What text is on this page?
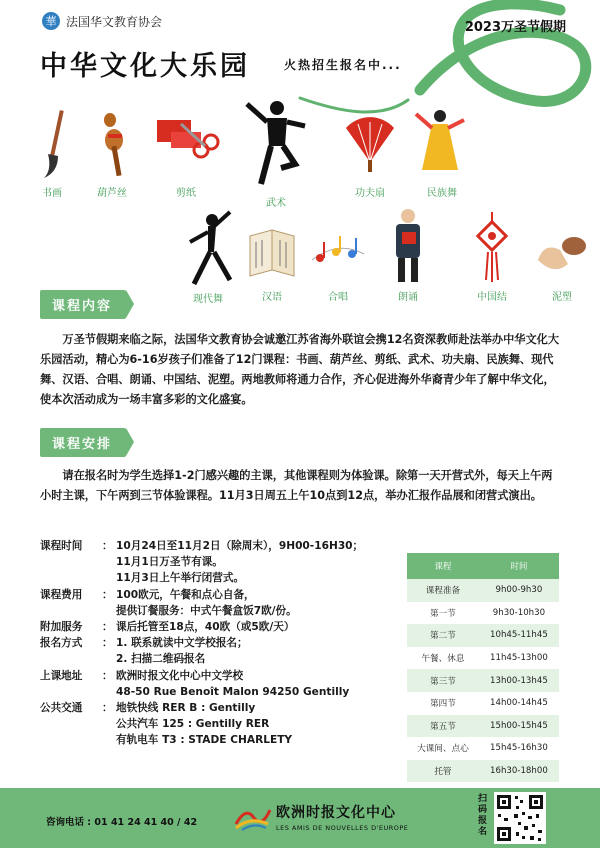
華 法国华文教育协会	2023万圣节假期
中华文化大乐园	火热招生报名中...
书画	葫芦丝	剪纸
武术
功夫扇	民族舞
现代舞	汉语	合唱	朗诵	中国结	泥塑
课程内容
万圣节假期来临之际，法国华文教育协会诚邀江苏省海外联谊会携12名资深教师赴法举办中华文化大乐园活动，精心为6-16岁孩子们准备了12门课程：书画、葫芦丝、剪纸、武术、功夫扇、民族舞、现代舞、汉语、合唱、朗诵、中国结、泥塑。两地教师将通力合作，齐心促进海外华裔青少年了解中华文化，使本次活动成为一场丰富多彩的文化盛宴。
课程安排
请在报名时为学生选择1-2门感兴趣的主课，其他课程则为体验课。除第一天开营式外，每天上午两小时主课，下午两到三节体验课程。11月3日周五上午10点到12点，举办汇报作品展和闭营式演出。
课程时间	： 10月24日至11月2日（除周末），9H00-16H30；
11月1日万圣节有课。
11月3日上午举行闭营式。
课程费用	： 100欧元，午餐和点心自备，
提供订餐服务：中式午餐盒饭7欧/份。
附加服务	： 课后托管至18点，40欧（或5欧/天）
报名方式	： 1. 联系就读中文学校报名；
2. 扫描二维码报名
上课地址	： 欧洲时报文化中心中文学校
48-50 Rue Benoît Malon 94250 Gentilly
公共交通	： 地铁快线 RER B : Gentilly
公共汽车 125 : Gentilly RER
有轨电车 T3 : STADE CHARLETY
课程	时间
课程准备	9h00-9h30
第一节	9h30-10h30
第二节	10h45-11h45
午餐、休息	11h45-13h00
第三节	13h00-13h45
第四节	14h00-14h45
第五节	15h00-15h45
大课间、点心	15h45-16h30
托管	16h30-18h00
咨询电话 : 01 41 24 41 40 / 42
欧洲时报文化中心
LES AMIS DE NOUVELLES D'EUROPE
扫码报名
